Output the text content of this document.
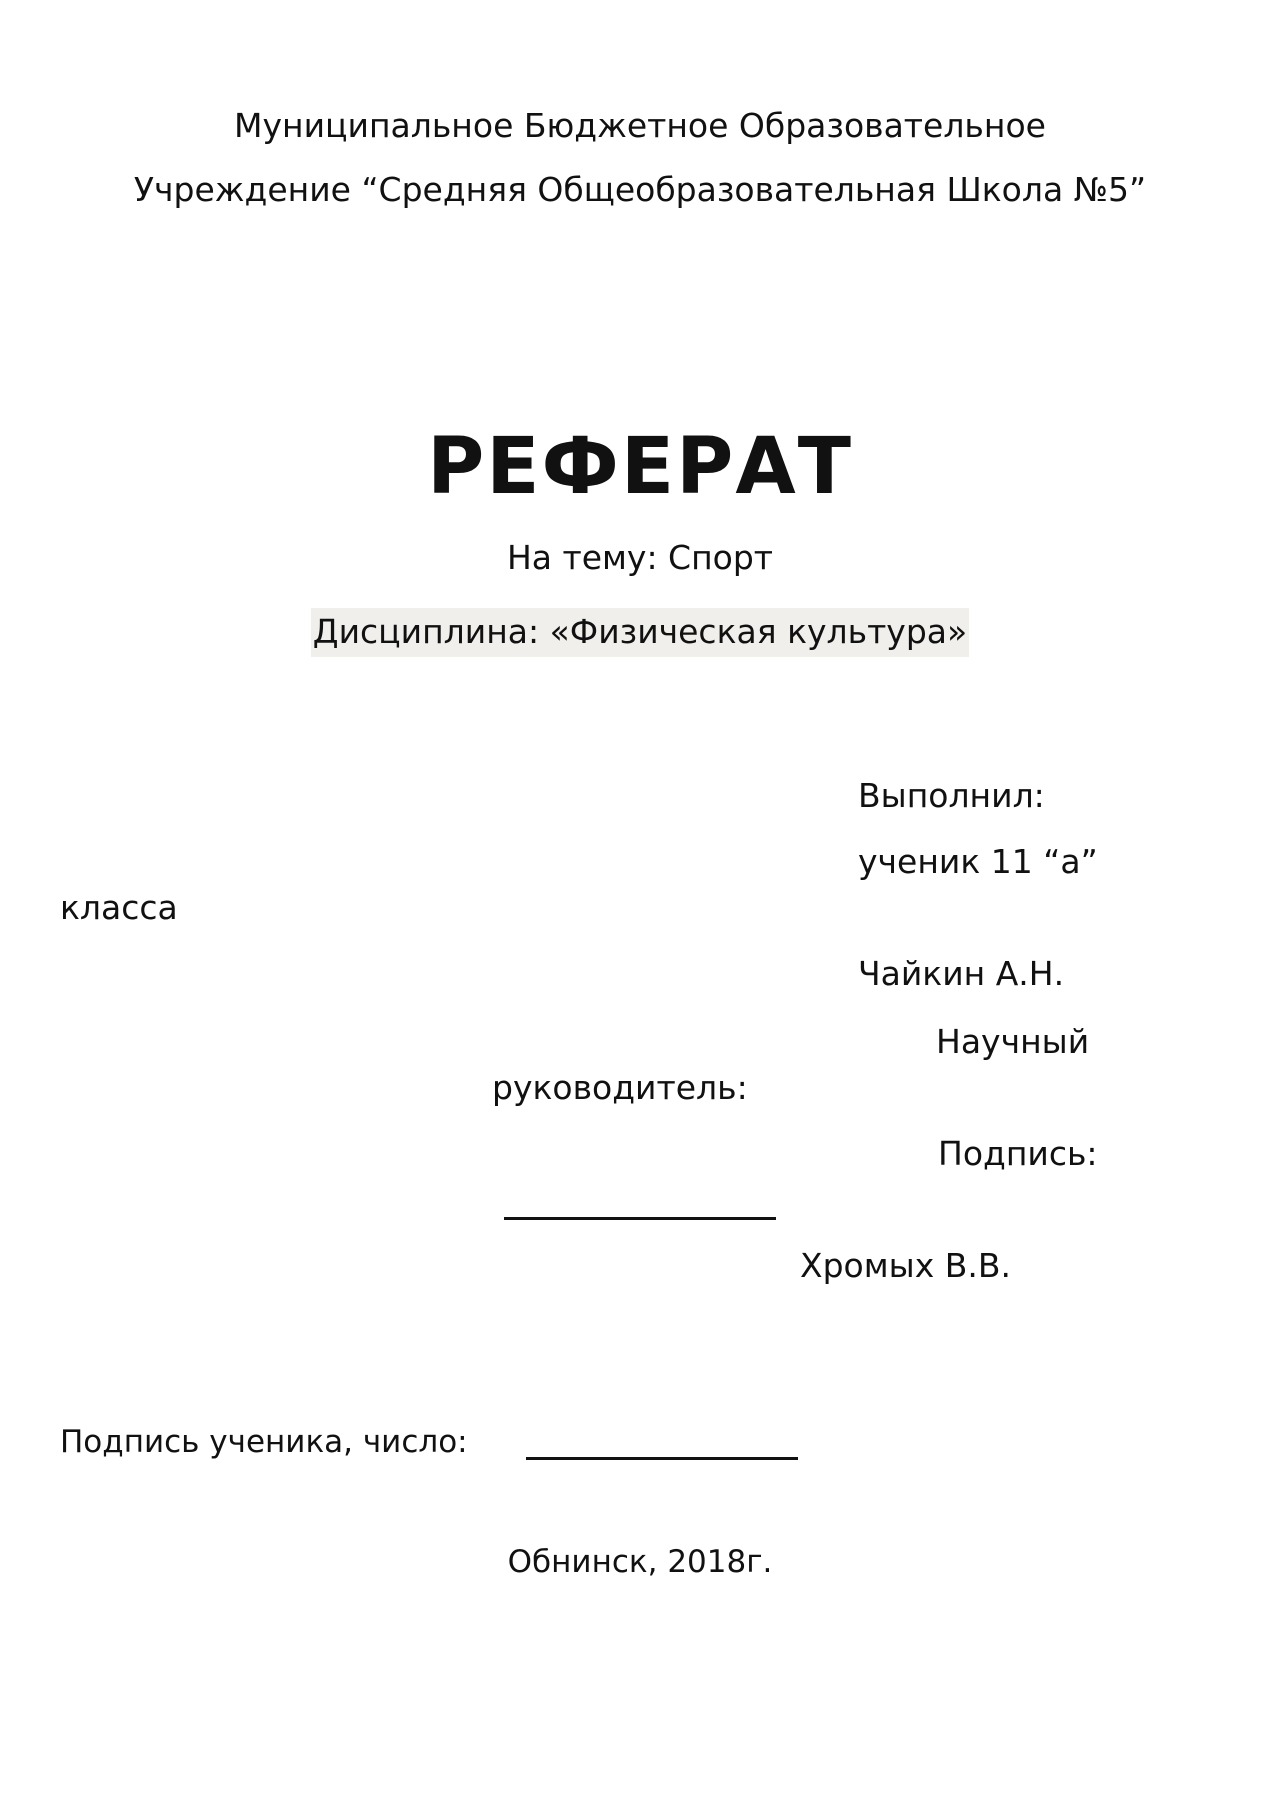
Муниципальное Бюджетное Образовательное
Учреждение “Средняя Общеобразовательная Школа №5”
РЕФЕРАТ
На тему: Спорт
Дисциплина: «Физическая культура»
Выполнил:
ученик 11 “а”
класса
Чайкин А.Н.
Научный
руководитель:
Подпись:
Хромых В.В.
Подпись ученика, число:
Обнинск, 2018г.
